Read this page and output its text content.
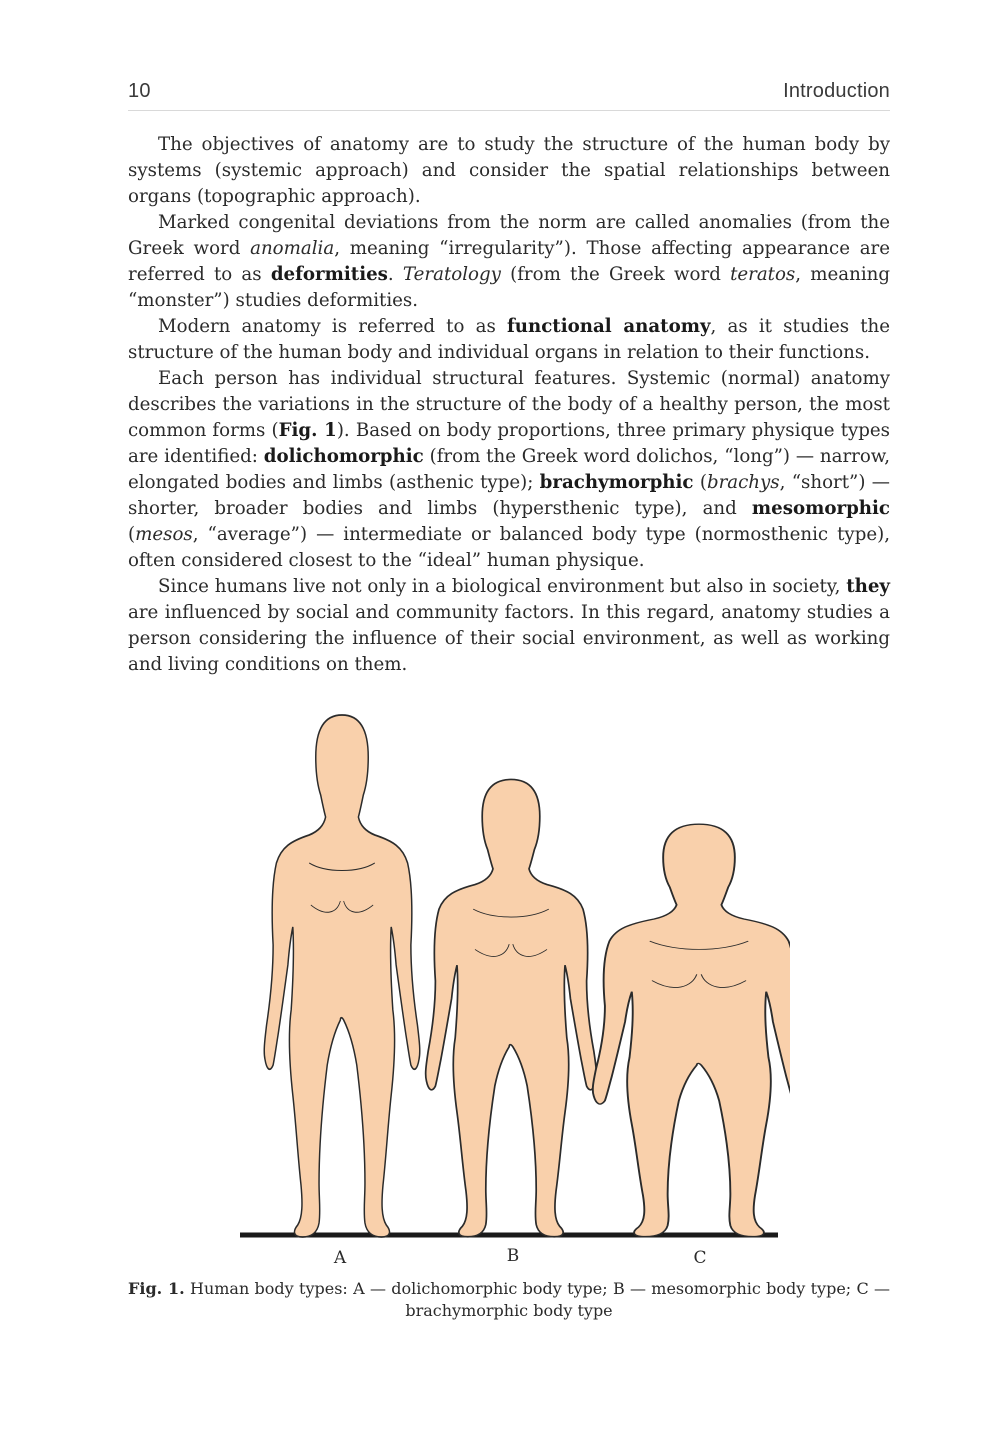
10	Introduction

The objectives of anatomy are to study the structure of the human body by systems (systemic approach) and consider the spatial relationships between organs (topographic approach).

Marked congenital deviations from the norm are called anomalies (from the Greek word anomalia, meaning “irregularity”). Those affecting appearance are referred to as deformities. Teratology (from the Greek word teratos, meaning “monster”) studies deformities.

Modern anatomy is referred to as functional anatomy, as it studies the structure of the human body and individual organs in relation to their functions.

Each person has individual structural features. Systemic (normal) anatomy describes the variations in the structure of the body of a healthy person, the most common forms (Fig. 1). Based on body proportions, three primary physique types are identified: dolichomorphic (from the Greek word dolichos, “long”) — narrow, elongated bodies and limbs (asthenic type); brachymorphic (brachys, “short”) — shorter, broader bodies and limbs (hypersthenic type), and mesomorphic (mesos, “average”) — intermediate or balanced body type (normosthenic type), often considered closest to the “ideal” human physique.

Since humans live not only in a biological environment but also in society, they are influenced by social and community factors. In this regard, anatomy studies a person considering the influence of their social environment, as well as working and living conditions on them.

A	B	C
Fig. 1. Human body types: A — dolichomorphic body type; B — mesomorphic body type; C — brachymorphic body type
